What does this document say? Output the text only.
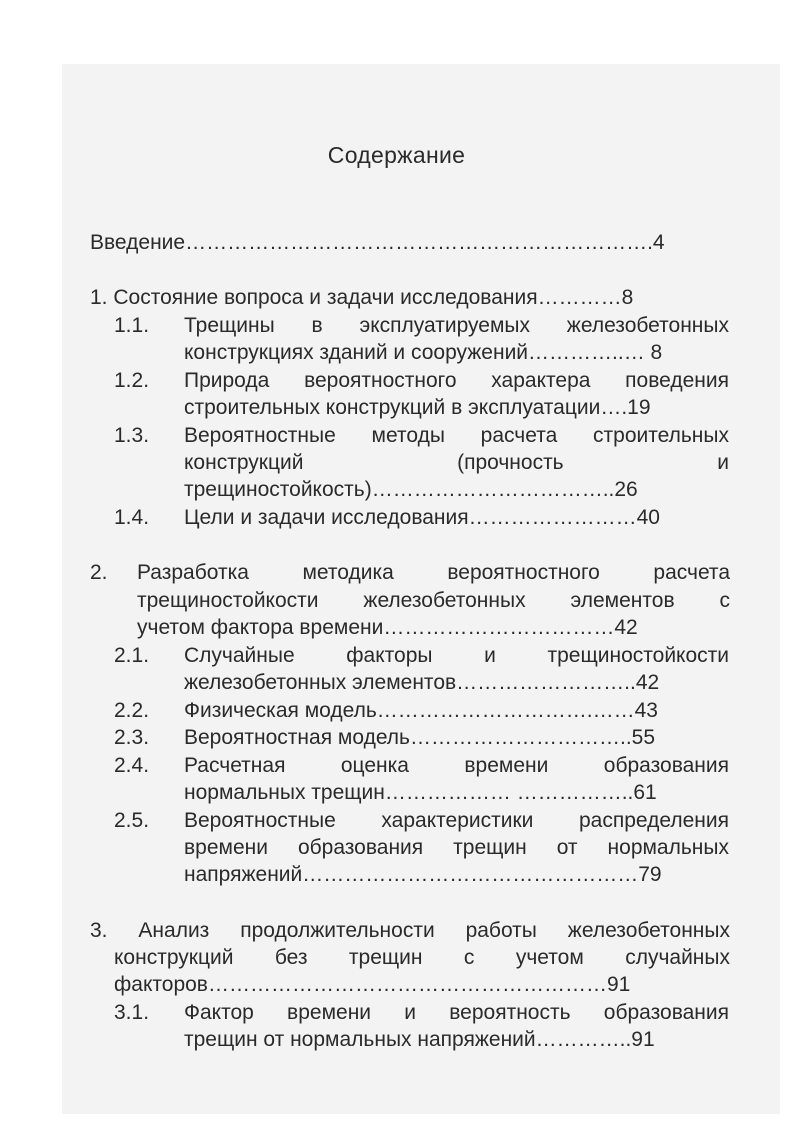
Содержание
Введение………………………………………………………….4
1. Состояние вопроса и задачи исследования…………8
1.1. Трещины в эксплуатируемых железобетонных
конструкциях зданий и сооружений…………..… 8
1.2. Природа вероятностного характера поведения
строительных конструкций в эксплуатации….19
1.3. Вероятностные методы расчета строительных
конструкций (прочность и
трещиностойкость)……………………………..26
1.4. Цели и задачи исследования……………………40
2. Разработка методика вероятностного расчета
трещиностойкости железобетонных элементов с
учетом фактора времени……………………………42
2.1. Случайные факторы и трещиностойкости
железобетонных элементов……………………..42
2.2. Физическая модель………………………….……43
2.3. Вероятностная модель…………………………..55
2.4. Расчетная оценка времени образования
нормальных трещин……………… ……………..61
2.5. Вероятностные характеристики распределения
времени образования трещин от нормальных
напряжений…………………………………………79
3. Анализ продолжительности работы железобетонных
конструкций без трещин с учетом случайных
факторов…………………………………………………91
3.1. Фактор времени и вероятность образования
трещин от нормальных напряжений…………..91
